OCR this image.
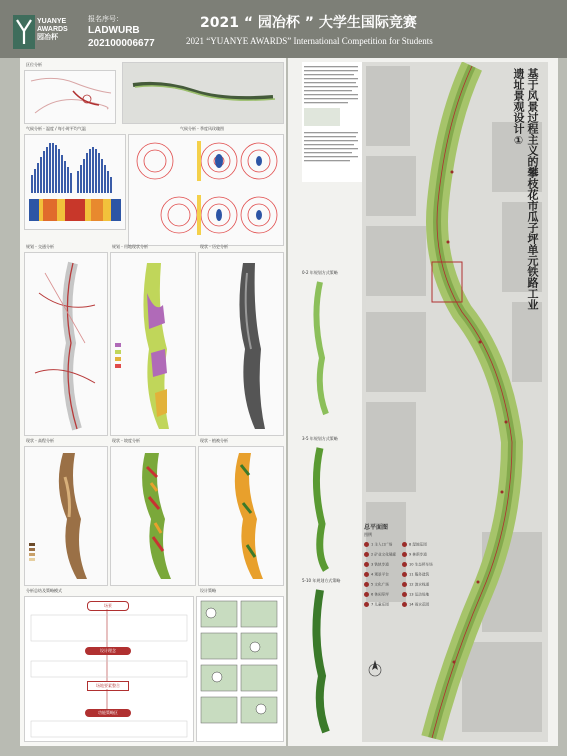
YUANYE
AWARDS
园冶杯
报名序号：
LADWURB
202100006677
2021 “ 园冶杯 ” 大学生国际竞赛
2021 “YUANYE AWARDS” International Competition for Students
区位分析
气候分析 - 温度 / 每小时平均气温	气候分析 - 季度风玫瑰图
规划 - 交通分析	规划 - 用地现状分析	现状 - 历史分析
现状 - 高程分析	现状 - 坡度分析	现状 - 植被分析
分析总结及策略模式	设计策略
场景
设计理念
场地要素整合
功能策略区
0-2 年规划方式策略
3-5 年规划方式策略
5-10 年规划方式策略
基于风景过程主义的攀枝花市瓜子坪单元铁路工业
遗址景观设计①
总平面图
图例
1 主入口广场
2 矿业文化展廊
3 铁轨步道
4 观景平台
5 文化广场
6 休闲草坪
7 儿童乐园
8 湿地花园
9 林荫步道
10 生态停车场
11 服务建筑
12 滨水栈道
13 运动场地
14 雨水花园
